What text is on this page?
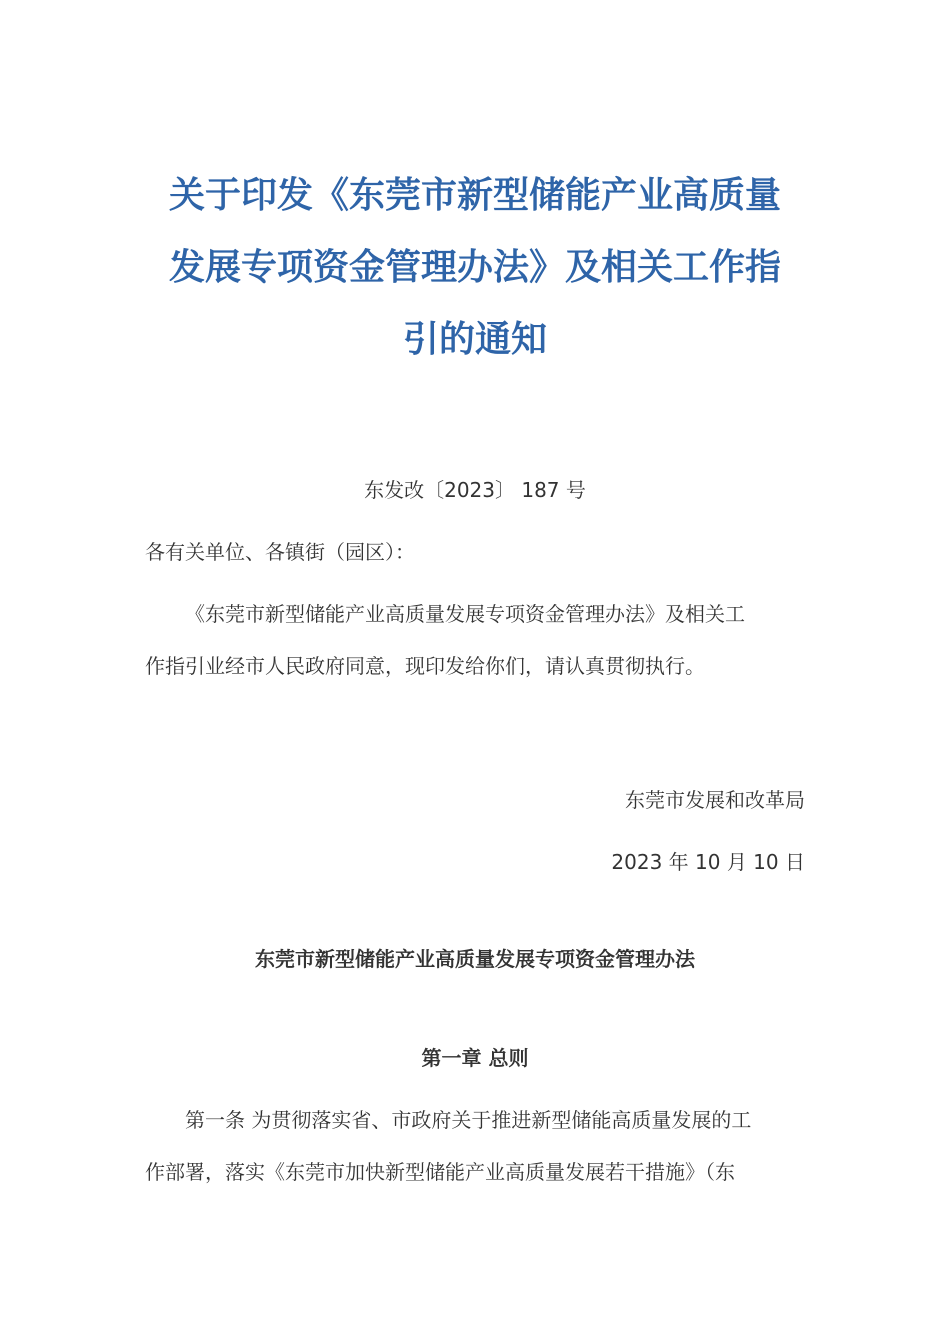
关于印发《东莞市新型储能产业高质量
发展专项资金管理办法》及相关工作指
引的通知
东发改〔2023〕 187 号
各有关单位、各镇街（园区）：
《东莞市新型储能产业高质量发展专项资金管理办法》及相关工
作指引业经市人民政府同意，现印发给你们，请认真贯彻执行。
东莞市发展和改革局
2023 年 10 月 10 日
东莞市新型储能产业高质量发展专项资金管理办法
第一章 总则
第一条 为贯彻落实省、市政府关于推进新型储能高质量发展的工
作部署，落实《东莞市加快新型储能产业高质量发展若干措施》（东
